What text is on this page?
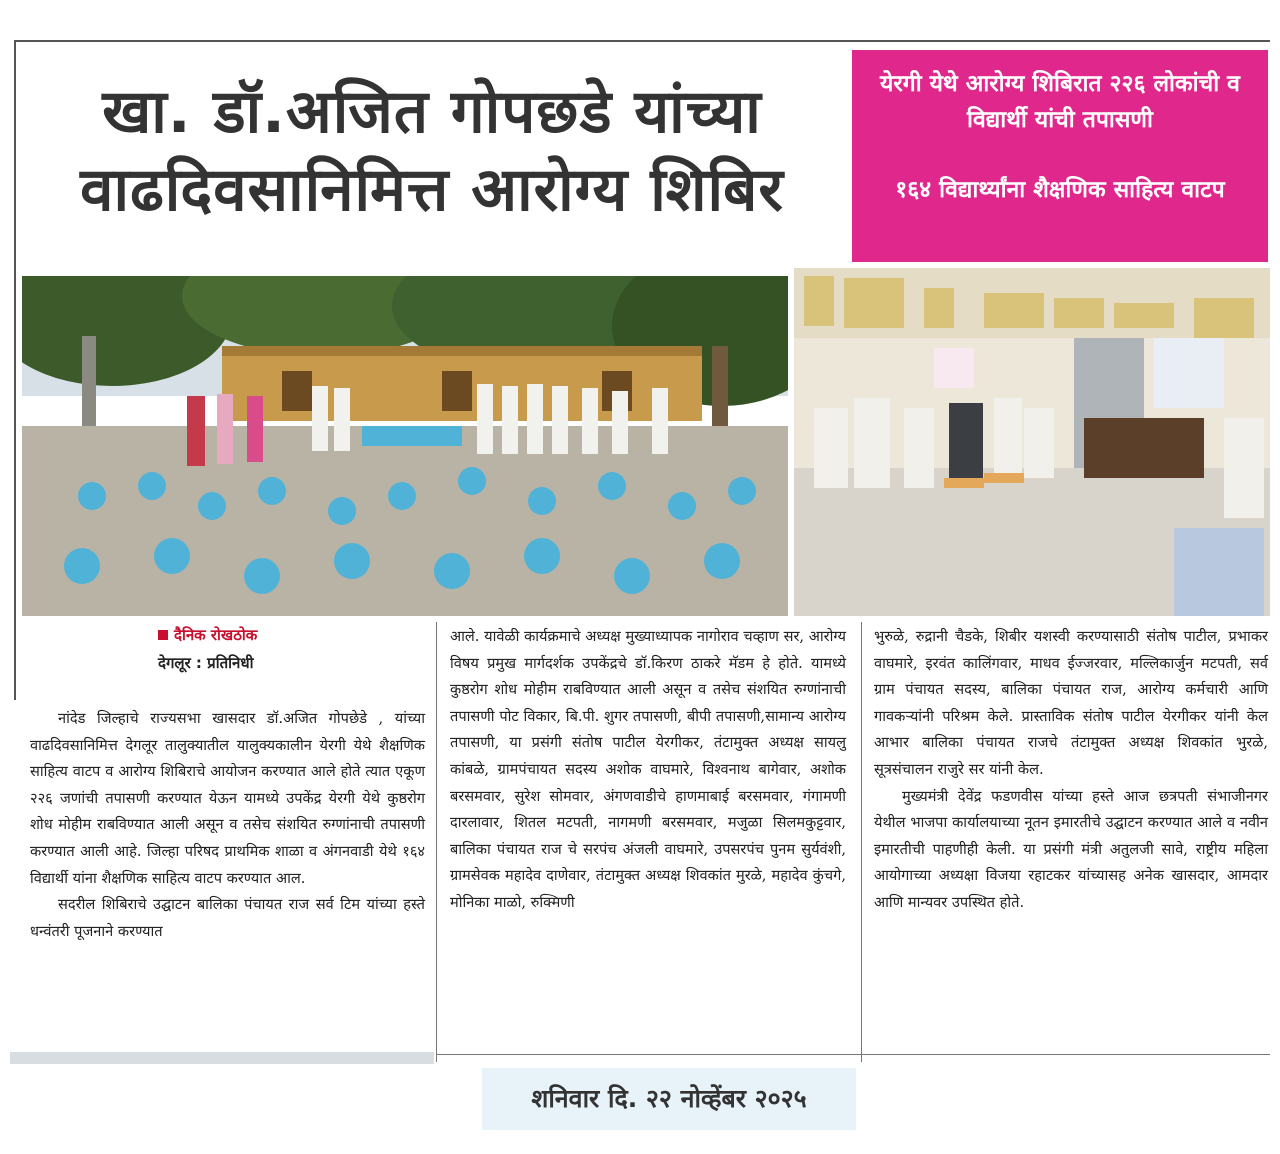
खा. डॉ.अजित गोपछडे यांच्या
वाढदिवसानिमित्त आरोग्य शिबिर
येरगी येथे आरोग्य शिबिरात २२६ लोकांची व विद्यार्थी यांची तपासणी
१६४ विद्यार्थ्यांना शैक्षणिक साहित्य वाटप
दैनिक रोखठोक
देगलूर : प्रतिनिधी

नांदेड जिल्हाचे राज्यसभा खासदार डॉ.अजित गोपछेडे , यांच्या वाढदिवसानिमित्त देगलूर तालुक्यातील यालुक्यकालीन येरगी येथे शैक्षणिक साहित्य वाटप व आरोग्य शिबिराचे आयोजन करण्यात आले होते त्यात एकूण २२६ जणांची तपासणी करण्यात येऊन यामध्ये उपकेंद्र येरगी येथे कुष्ठरोग शोध मोहीम राबविण्यात आली असून व तसेच संशयित रुग्णांनाची तपासणी करण्यात आली आहे. जिल्हा परिषद प्राथमिक शाळा व अंगनवाडी येथे १६४ विद्यार्थी यांना शैक्षणिक साहित्य वाटप करण्यात आल.

सदरील शिबिराचे उद्घाटन बालिका पंचायत राज सर्व टिम यांच्या हस्ते धन्वंतरी पूजनाने करण्यात

आले. यावेळी कार्यक्रमाचे अध्यक्ष मुख्याध्यापक नागोराव चव्हाण सर, आरोग्य विषय प्रमुख मार्गदर्शक उपकेंद्रचे डॉ.किरण ठाकरे मॅडम हे होते. यामध्ये कुष्ठरोग शोध मोहीम राबविण्यात आली असून व तसेच संशयित रुग्णांनाची तपासणी पोट विकार, बि.पी. शुगर तपासणी, बीपी तपासणी,सामान्य आरोग्य तपासणी, या प्रसंगी संतोष पाटील येरगीकर, तंटामुक्त अध्यक्ष सायलु कांबळे, ग्रामपंचायत सदस्य अशोक वाघमारे, विश्वनाथ बागेवार, अशोक बरसमवार, सुरेश सोमवार, अंगणवाडीचे हाणमाबाई बरसमवार, गंगामणी दारलावार, शितल मटपती, नागमणी बरसमवार, मजुळा सिलमकुट्टवार, बालिका पंचायत राज चे सरपंच अंजली वाघमारे, उपसरपंच पुनम सुर्यवंशी, ग्रामसेवक महादेव दाणेवार, तंटामुक्त अध्यक्ष शिवकांत मुरळे, महादेव कुंचगे, मोनिका माळो, रुक्मिणी

भुरुळे, रुद्रानी चैडके, शिबीर यशस्वी करण्यासाठी संतोष पाटील, प्रभाकर वाघमारे, इरवंत कालिंगवार, माधव ईज्जरवार, मल्लिकार्जुन मटपती, सर्व ग्राम पंचायत सदस्य, बालिका पंचायत राज, आरोग्य कर्मचारी आणि गावकऱ्यांनी परिश्रम केले. प्रास्ताविक संतोष पाटील येरगीकर यांनी केल आभार बालिका पंचायत राजचे तंटामुक्त अध्यक्ष शिवकांत भुरळे, सूत्रसंचालन राजुरे सर यांनी केल.

मुख्यमंत्री देवेंद्र फडणवीस यांच्या हस्ते आज छत्रपती संभाजीनगर येथील भाजपा कार्यालयाच्या नूतन इमारतीचे उद्घाटन करण्यात आले व नवीन इमारतीची पाहणीही केली. या प्रसंगी मंत्री अतुलजी सावे, राष्ट्रीय महिला आयोगाच्या अध्यक्षा विजया रहाटकर यांच्यासह अनेक खासदार, आमदार आणि मान्यवर उपस्थित होते.

शनिवार दि. २२ नोव्हेंबर २०२५
